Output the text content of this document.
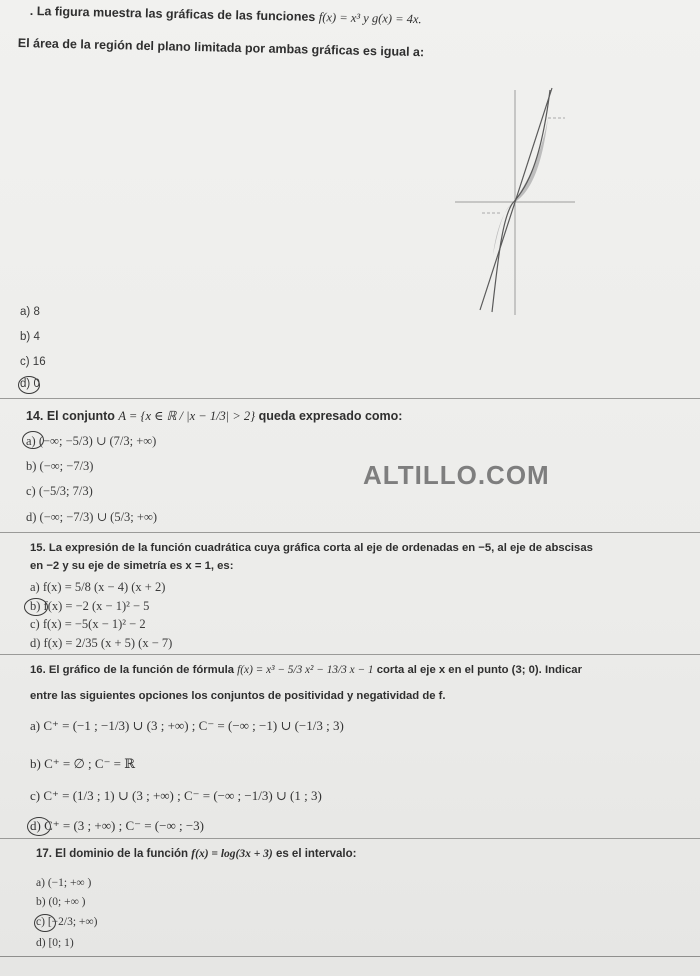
. La figura muestra las gráficas de las funciones f(x) = x³ y g(x) = 4x.
El área de la región del plano limitada por ambas gráficas es igual a:
a) 8
b) 4
c) 16
d) 0
14. El conjunto A = {x ∈ ℝ / |x − 1/3| > 2} queda expresado como:
a) (−∞; −5/3) ∪ (7/3; +∞)
b) (−∞; −7/3)
c) (−5/3; 7/3)
d) (−∞; −7/3) ∪ (5/3; +∞)
ALTILLO.COM
15. La expresión de la función cuadrática cuya gráfica corta al eje de ordenadas en −5, al eje de abscisas
en −2 y su eje de simetría es x = 1, es:
a) f(x) = 5/8 (x − 4) (x + 2)
b) f(x) = −2 (x − 1)² − 5
c) f(x) = −5(x − 1)² − 2
d) f(x) = 2/35 (x + 5) (x − 7)
16. El gráfico de la función de fórmula f(x) = x³ − 5/3 x² − 13/3 x − 1 corta al eje x en el punto (3; 0). Indicar
entre las siguientes opciones los conjuntos de positividad y negatividad de f.
a) C⁺ = (−1 ; −1/3) ∪ (3 ; +∞) ; C⁻ = (−∞ ; −1) ∪ (−1/3 ; 3)
b) C⁺ = ∅ ; C⁻ = ℝ
c) C⁺ = (1/3 ; 1) ∪ (3 ; +∞) ; C⁻ = (−∞ ; −1/3) ∪ (1 ; 3)
d) C⁺ = (3 ; +∞) ; C⁻ = (−∞ ; −3)
17. El dominio de la función f(x) = log(3x + 3) es el intervalo:
a) (−1; +∞ )
b) (0; +∞ )
c) [−2/3; +∞)
d) [0; 1)
